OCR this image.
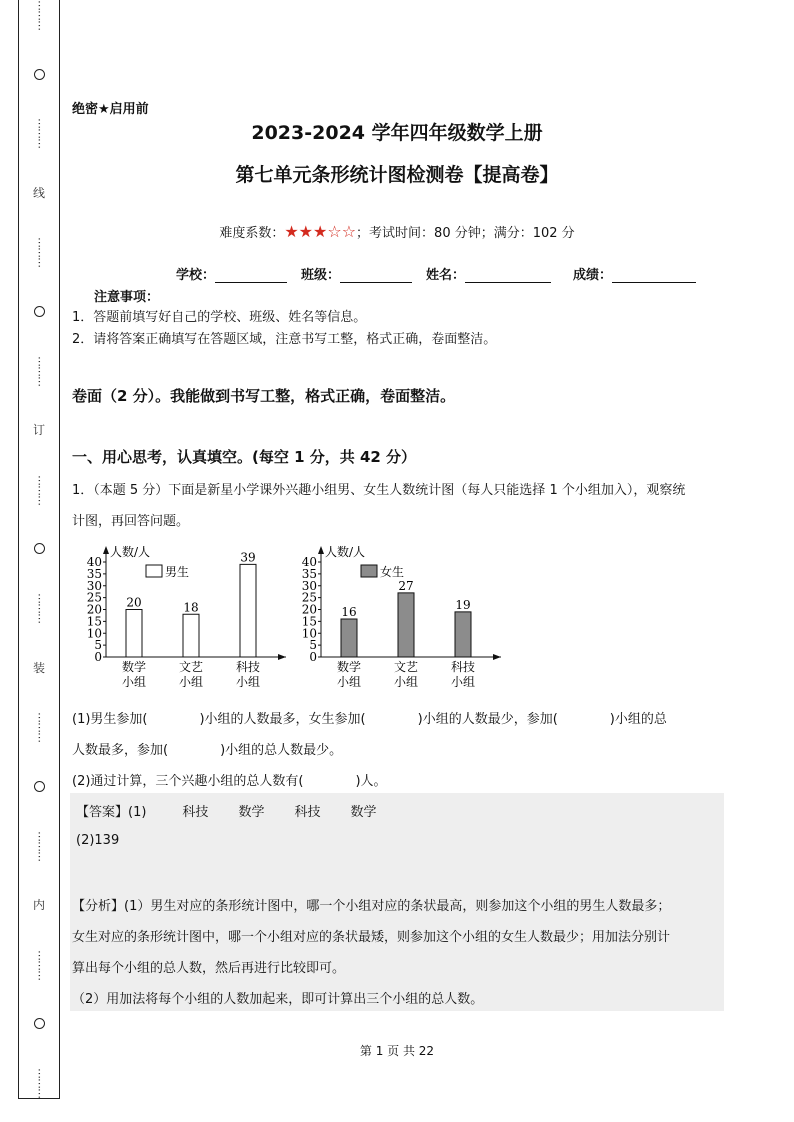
⋯⋯⋯
⋯⋯⋯
线
⋯⋯⋯
⋯⋯⋯
订
⋯⋯⋯
⋯⋯⋯
装
⋯⋯⋯
⋯⋯⋯
内
⋯⋯⋯
⋯⋯⋯
绝密★启用前
2023-2024 学年四年级数学上册
第七单元条形统计图检测卷【提高卷】
难度系数：★★★☆☆；考试时间：80 分钟；满分：102 分
学校：	班级：	姓名：	成绩：
注意事项：
1．答题前填写好自己的学校、班级、姓名等信息。
2．请将答案正确填写在答题区域，注意书写工整，格式正确，卷面整洁。
卷面（2 分）。我能做到书写工整，格式正确，卷面整洁。
一、用心思考，认真填空。(每空 1 分，共 42 分）
1．（本题 5 分）下面是新星小学课外兴趣小组男、女生人数统计图（每人只能选择 1 个小组加入），观察统
计图，再回答问题。
人数/人
0
5
10
15
20
25
30
35
40
男生
20
数学
小组
18
文艺
小组
39
科技
小组
人数/人
0
5
10
15
20
25
30
35
40
女生
16
数学
小组
27
文艺
小组
19
科技
小组
(1)男生参加(　　　　)小组的人数最多，女生参加(　　　　)小组的人数最少，参加(　　　　)小组的总
人数最多，参加(　　　　)小组的总人数最少。
(2)通过计算，三个兴趣小组的总人数有(　　　　)人。
【答案】(1)	科技 数学 科技 数学
(2)139
【分析】(1）男生对应的条形统计图中，哪一个小组对应的条状最高，则参加这个小组的男生人数最多；
女生对应的条形统计图中，哪一个小组对应的条状最矮，则参加这个小组的女生人数最少；用加法分别计
算出每个小组的总人数，然后再进行比较即可。
（2）用加法将每个小组的人数加起来，即可计算出三个小组的总人数。
第 1 页 共 22
